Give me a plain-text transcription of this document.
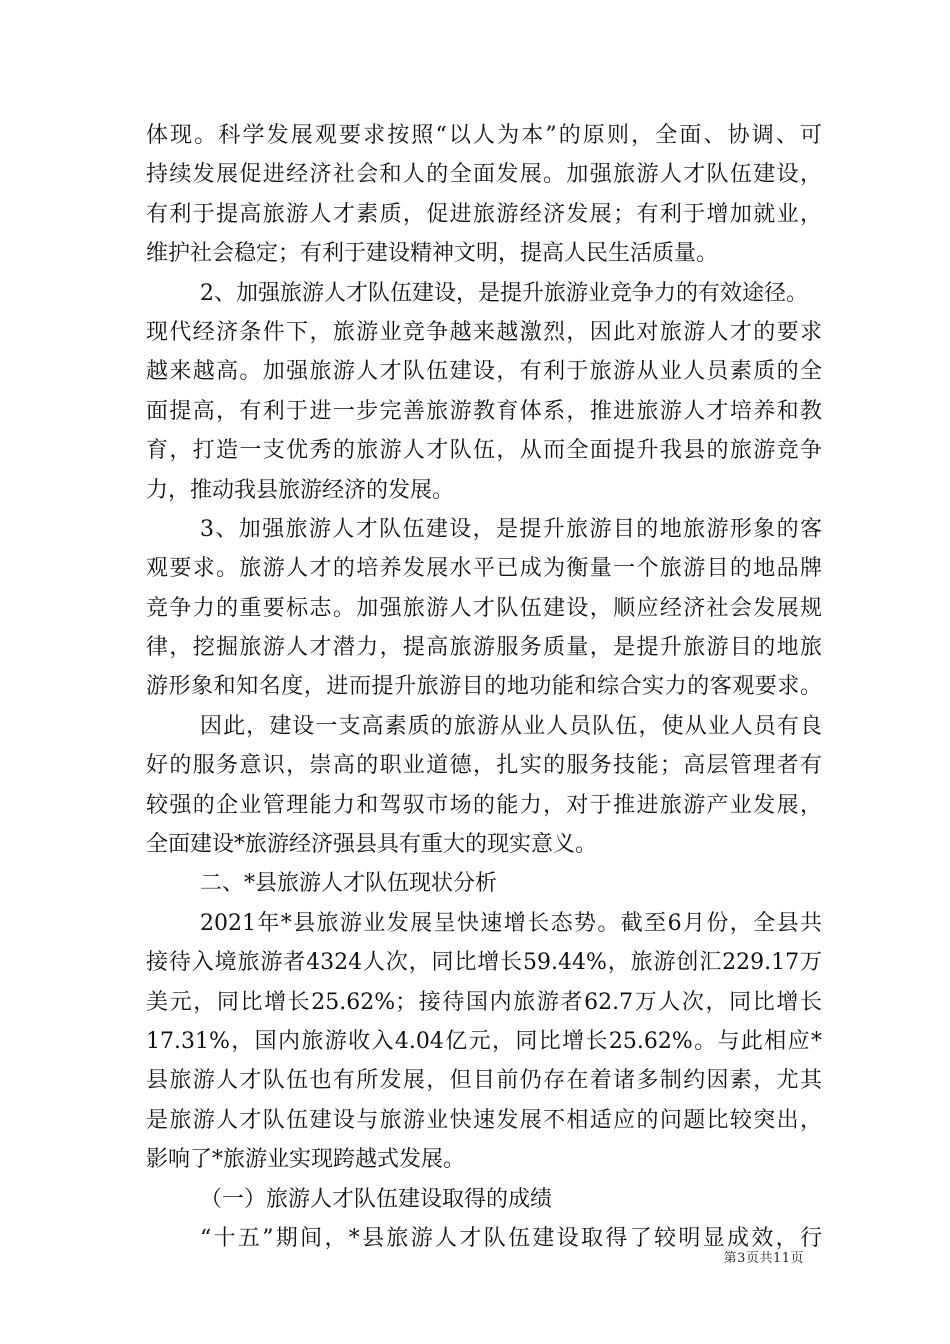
体现。科学发展观要求按照“以人为本”的原则，全面、协调、可
持续发展促进经济社会和人的全面发展。加强旅游人才队伍建设，
有利于提高旅游人才素质，促进旅游经济发展；有利于增加就业，
维护社会稳定；有利于建设精神文明，提高人民生活质量。
2、加强旅游人才队伍建设，是提升旅游业竞争力的有效途径。
现代经济条件下，旅游业竞争越来越激烈，因此对旅游人才的要求
越来越高。加强旅游人才队伍建设，有利于旅游从业人员素质的全
面提高，有利于进一步完善旅游教育体系，推进旅游人才培养和教
育，打造一支优秀的旅游人才队伍，从而全面提升我县的旅游竞争
力，推动我县旅游经济的发展。
3、加强旅游人才队伍建设，是提升旅游目的地旅游形象的客
观要求。旅游人才的培养发展水平已成为衡量一个旅游目的地品牌
竞争力的重要标志。加强旅游人才队伍建设，顺应经济社会发展规
律，挖掘旅游人才潜力，提高旅游服务质量，是提升旅游目的地旅
游形象和知名度，进而提升旅游目的地功能和综合实力的客观要求。
因此，建设一支高素质的旅游从业人员队伍，使从业人员有良
好的服务意识，崇高的职业道德，扎实的服务技能；高层管理者有
较强的企业管理能力和驾驭市场的能力，对于推进旅游产业发展，
全面建设*旅游经济强县具有重大的现实意义。
二、*县旅游人才队伍现状分析
2021年*县旅游业发展呈快速增长态势。截至6月份，全县共
接待入境旅游者4324人次，同比增长59.44%，旅游创汇229.17万
美元，同比增长25.62%；接待国内旅游者62.7万人次，同比增长
17.31%，国内旅游收入4.04亿元，同比增长25.62%。与此相应*
县旅游人才队伍也有所发展，但目前仍存在着诸多制约因素，尤其
是旅游人才队伍建设与旅游业快速发展不相适应的问题比较突出，
影响了*旅游业实现跨越式发展。
（一）旅游人才队伍建设取得的成绩
“十五”期间，*县旅游人才队伍建设取得了较明显成效，行
第3页共11页
